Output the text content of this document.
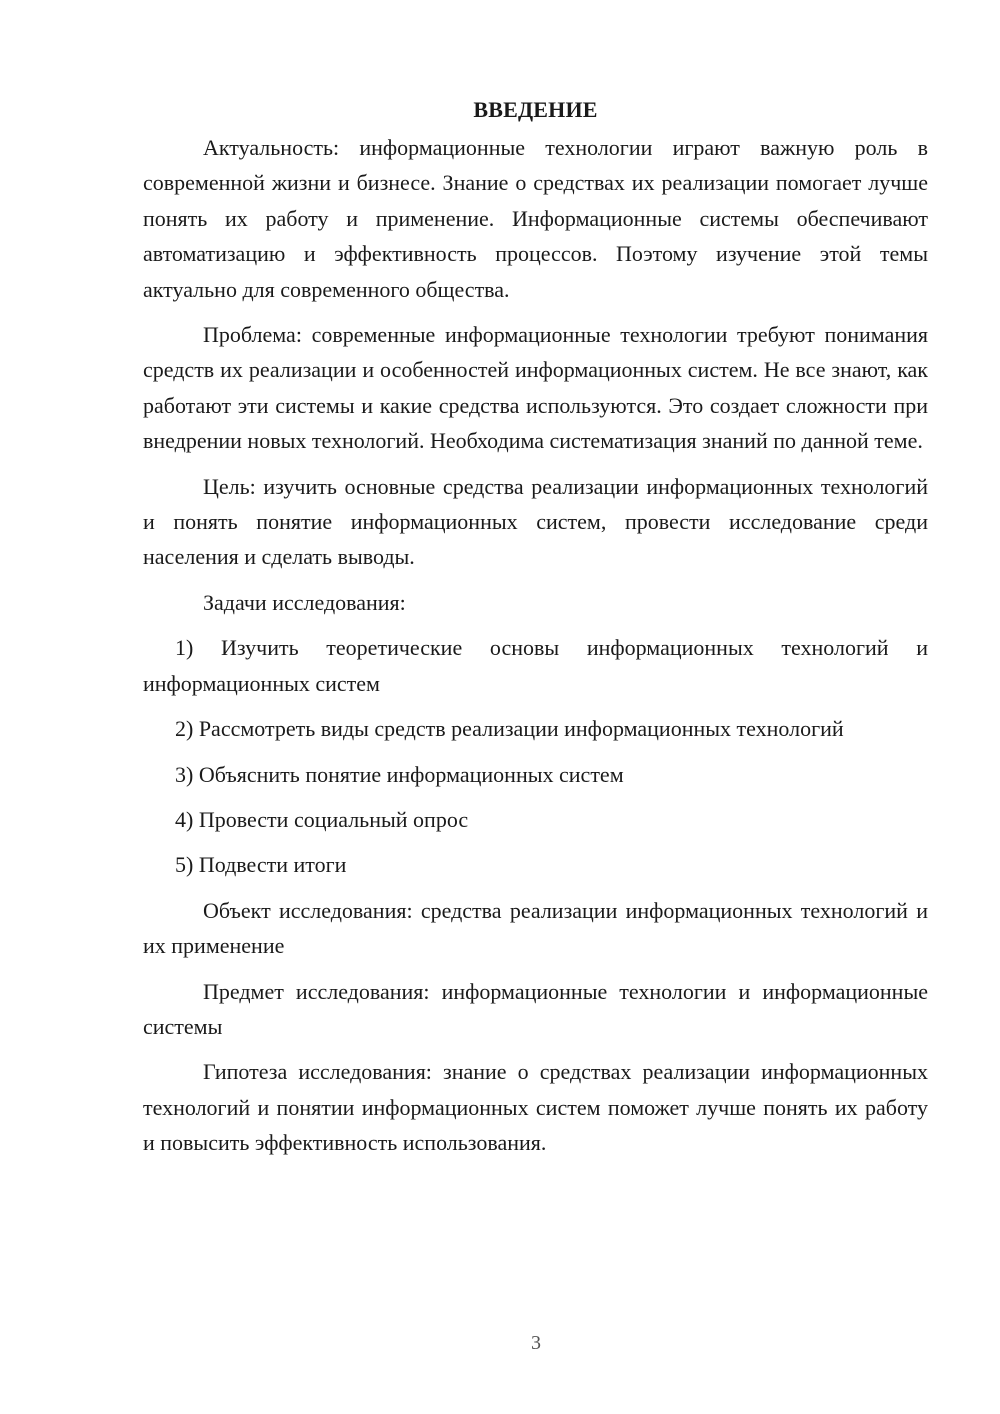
ВВЕДЕНИЕ

Актуальность: информационные технологии играют важную роль в современной жизни и бизнесе. Знание о средствах их реализации помогает лучше понять их работу и применение. Информационные системы обеспечивают автоматизацию и эффективность процессов. Поэтому изучение этой темы актуально для современного общества.

Проблема: современные информационные технологии требуют понимания средств их реализации и особенностей информационных систем. Не все знают, как работают эти системы и какие средства используются. Это создает сложности при внедрении новых технологий. Необходима систематизация знаний по данной теме.

Цель: изучить основные средства реализации информационных технологий и понять понятие информационных систем, провести исследование среди населения и сделать выводы.

Задачи исследования:

1) Изучить теоретические основы информационных технологий и информационных систем

2) Рассмотреть виды средств реализации информационных технологий

3) Объяснить понятие информационных систем

4) Провести социальный опрос

5) Подвести итоги

Объект исследования: средства реализации информационных технологий и их применение

Предмет исследования: информационные технологии и информационные системы

Гипотеза исследования: знание о средствах реализации информационных технологий и понятии информационных систем поможет лучше понять их работу и повысить эффективность использования.

3
